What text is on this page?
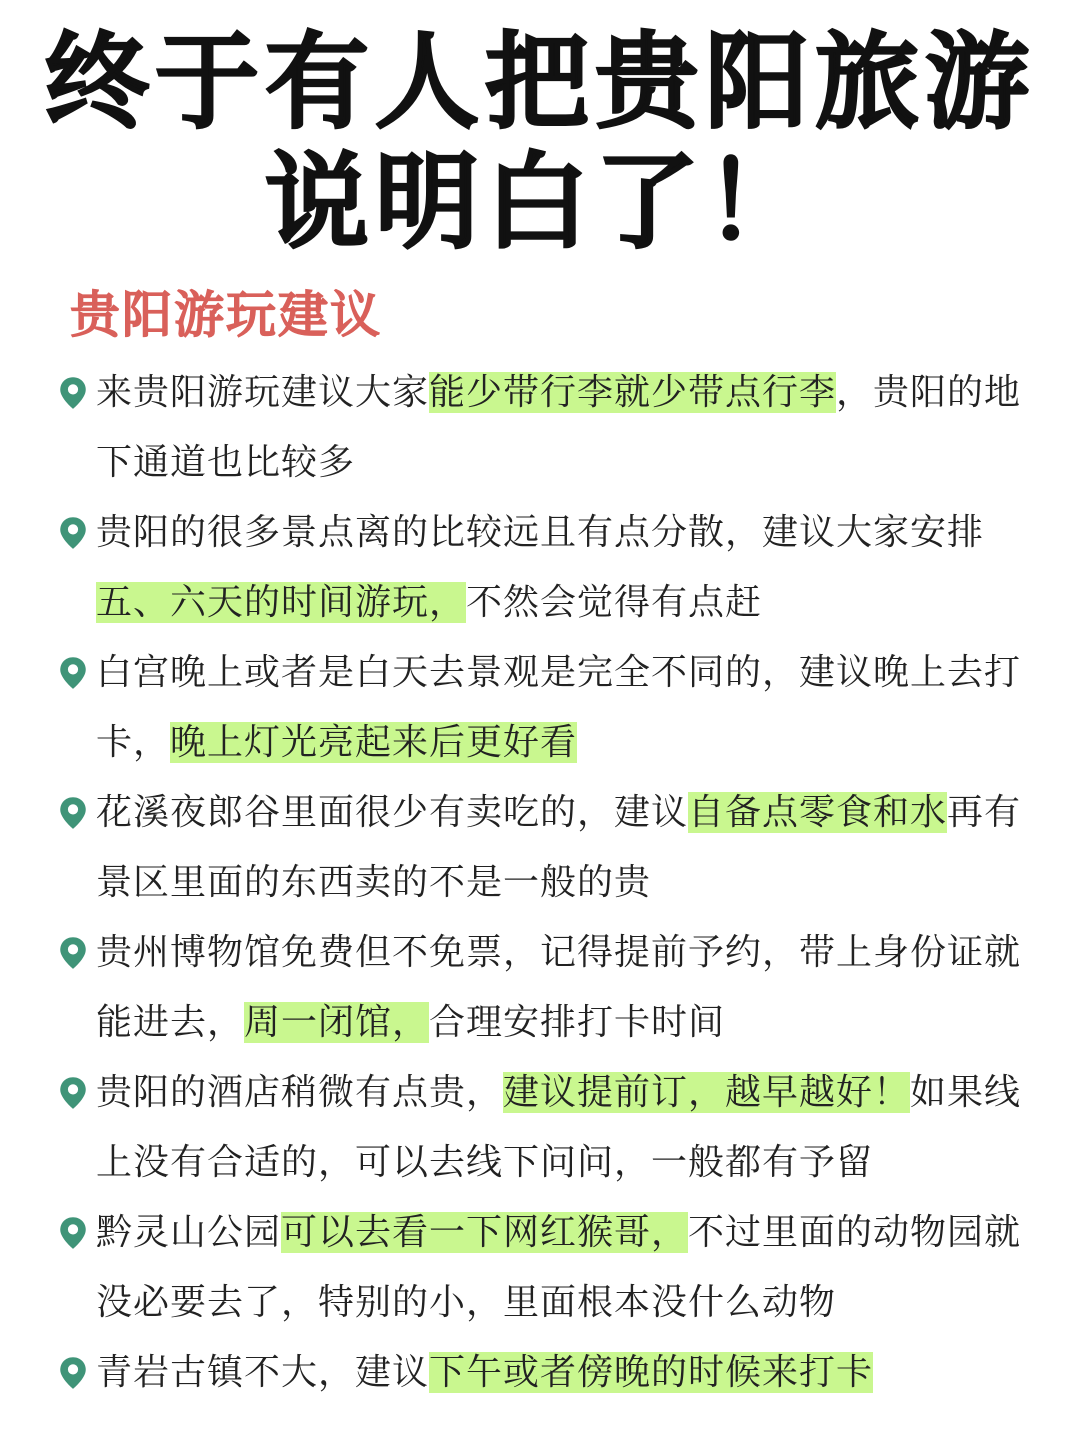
终于有人把贵阳旅游
说明白了！
贵阳游玩建议
来贵阳游玩建议大家能少带行李就少带点行李，贵阳的地下通道也比较多
贵阳的很多景点离的比较远且有点分散，建议大家安排五、六天的时间游玩，不然会觉得有点赶
白宫晚上或者是白天去景观是完全不同的，建议晚上去打卡，晚上灯光亮起来后更好看
花溪夜郎谷里面很少有卖吃的，建议自备点零食和水再有景区里面的东西卖的不是一般的贵
贵州博物馆免费但不免票，记得提前予约，带上身份证就能进去，周一闭馆，合理安排打卡时间
贵阳的酒店稍微有点贵，建议提前订，越早越好！如果线上没有合适的，可以去线下问问，一般都有予留
黔灵山公园可以去看一下网红猴哥，不过里面的动物园就没必要去了，特别的小，里面根本没什么动物
青岩古镇不大，建议下午或者傍晚的时候来打卡
